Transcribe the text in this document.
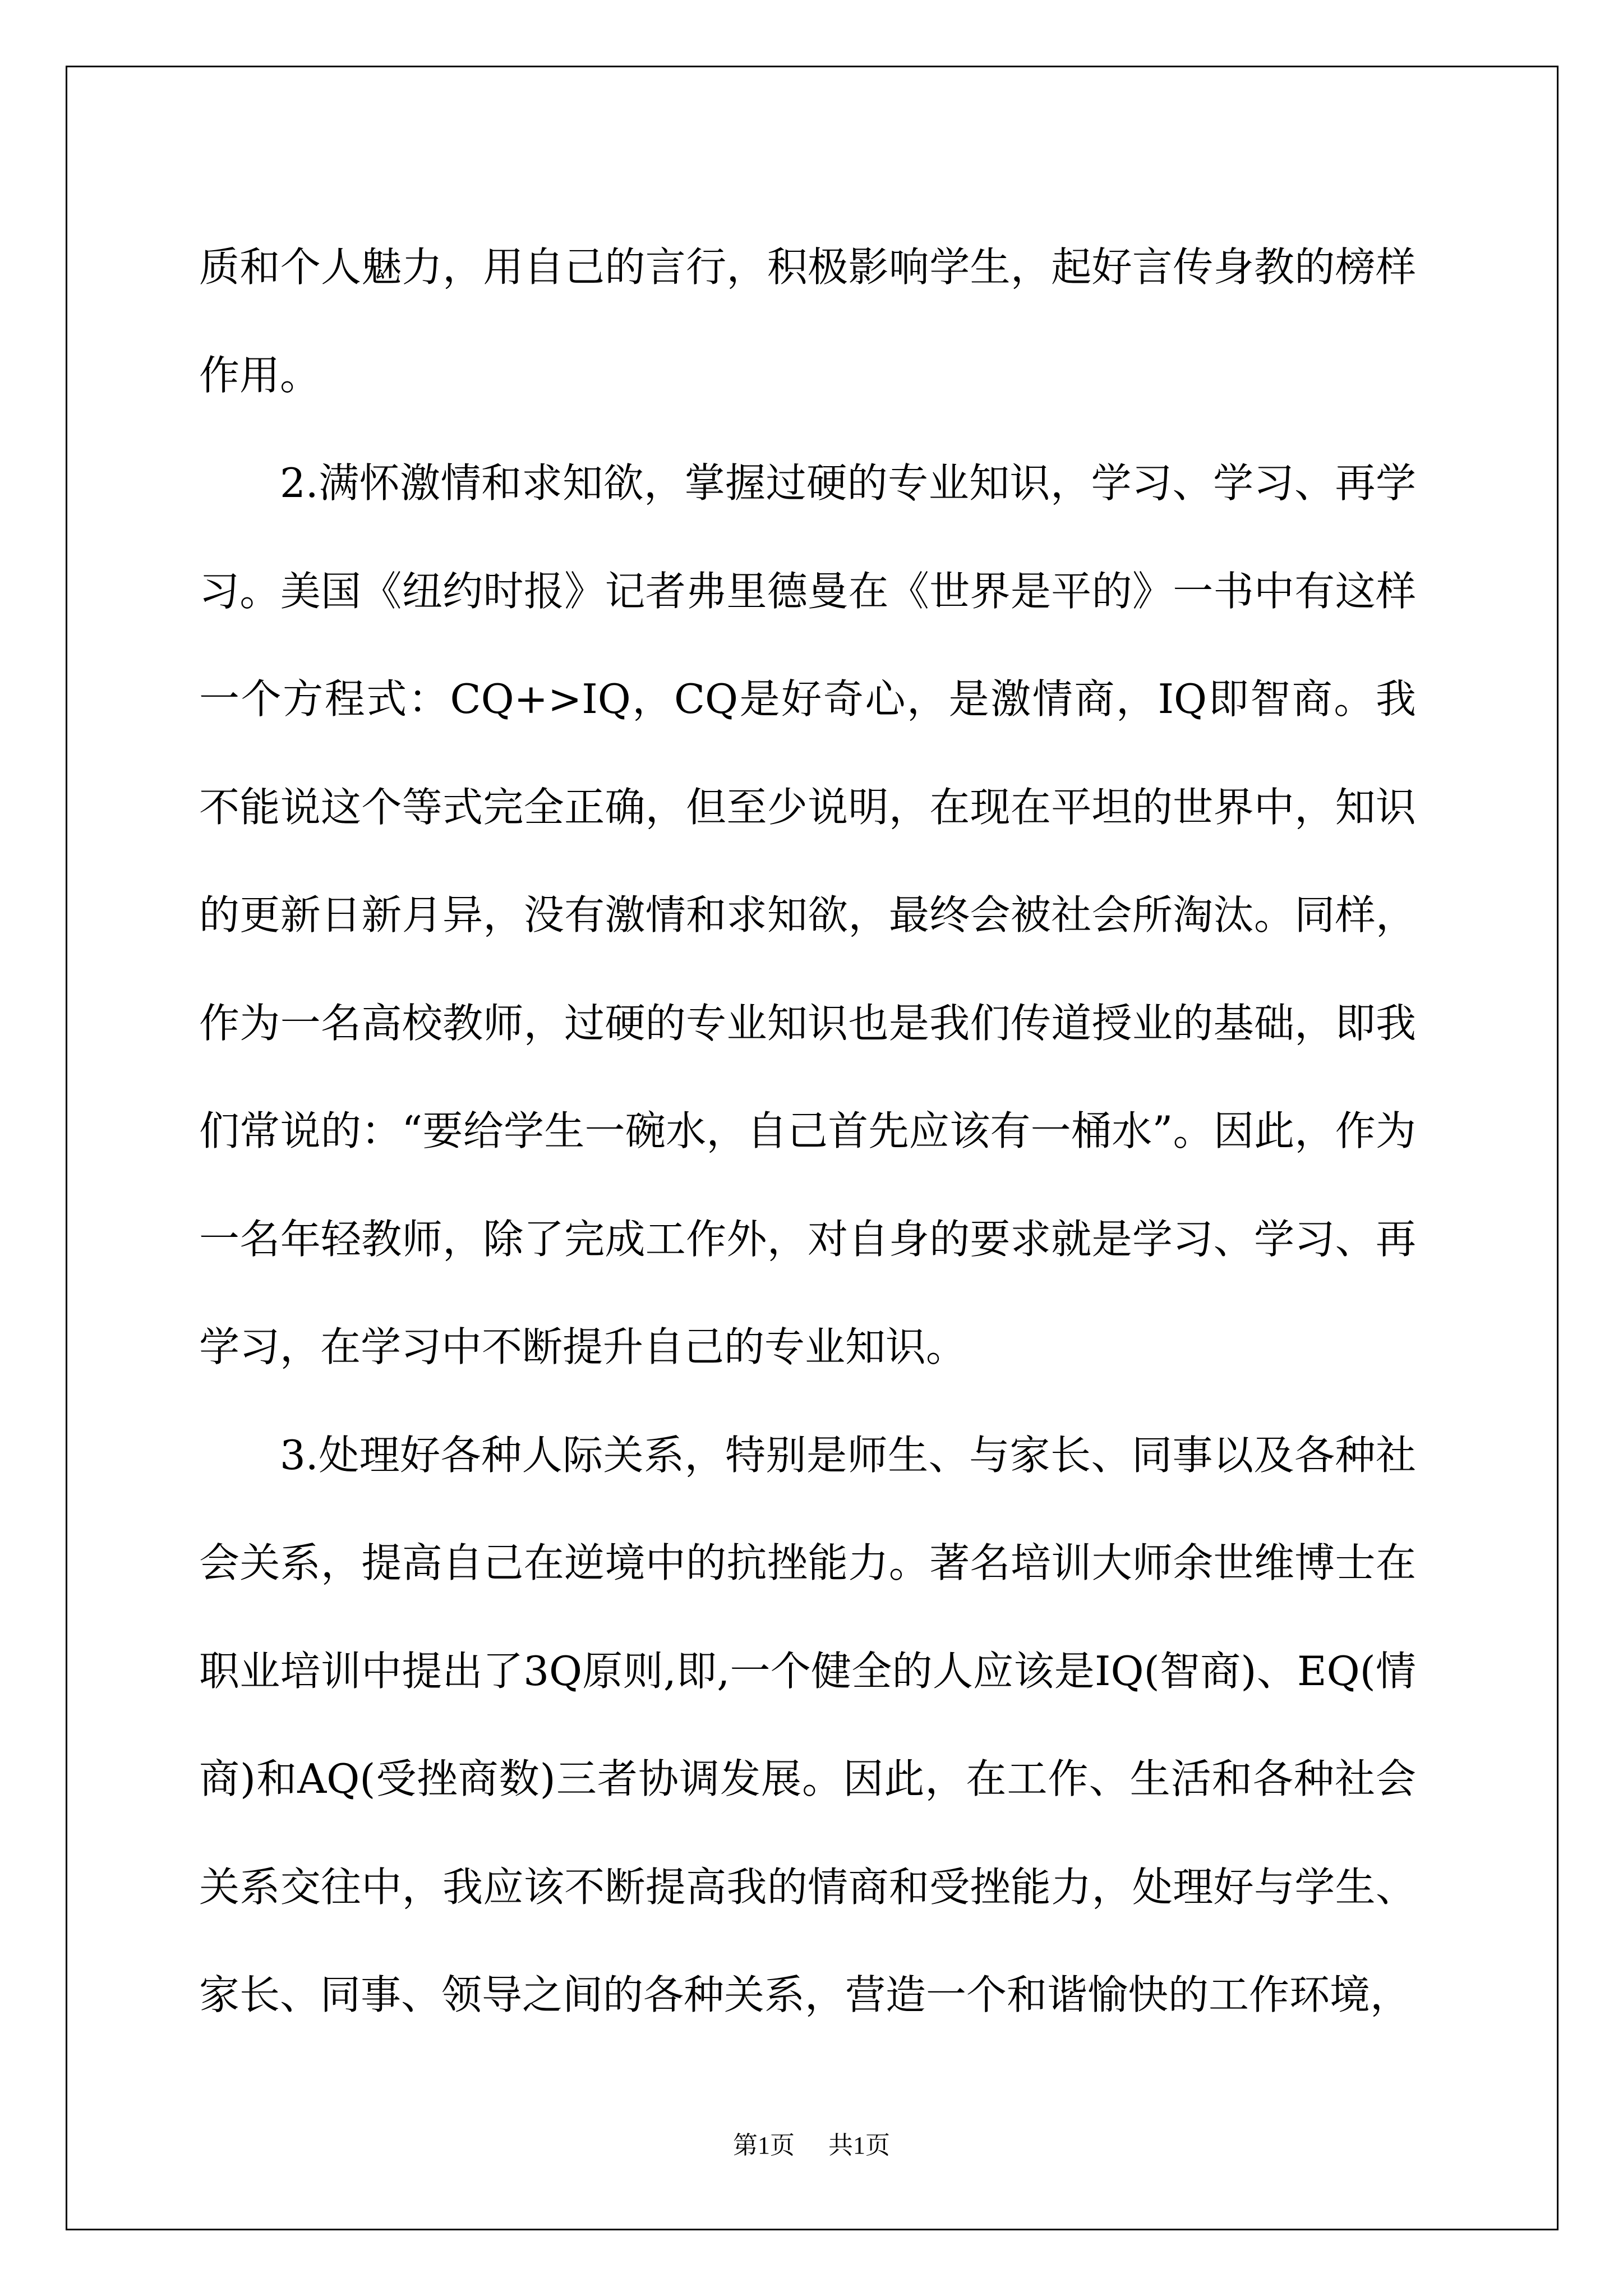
质和个人魅力，用自己的言行，积极影响学生，起好言传身教的榜样作用。

2.满怀激情和求知欲，掌握过硬的专业知识，学习、学习、再学习。美国《纽约时报》记者弗里德曼在《世界是平的》一书中有这样一个方程式：CQ+>IQ，CQ是好奇心，是激情商，IQ即智商。我不能说这个等式完全正确，但至少说明，在现在平坦的世界中，知识的更新日新月异，没有激情和求知欲，最终会被社会所淘汰。同样，作为一名高校教师，过硬的专业知识也是我们传道授业的基础，即我们常说的：“要给学生一碗水，自己首先应该有一桶水”。因此，作为一名年轻教师，除了完成工作外，对自身的要求就是学习、学习、再学习，在学习中不断提升自己的专业知识。

3.处理好各种人际关系，特别是师生、与家长、同事以及各种社会关系，提高自己在逆境中的抗挫能力。著名培训大师余世维博士在职业培训中提出了3Q原则,即,一个健全的人应该是IQ(智商)、EQ(情商)和AQ(受挫商数)三者协调发展。因此，在工作、生活和各种社会关系交往中，我应该不断提高我的情商和受挫能力，处理好与学生、家长、同事、领导之间的各种关系，营造一个和谐愉快的工作环境，

第1页 共1页
